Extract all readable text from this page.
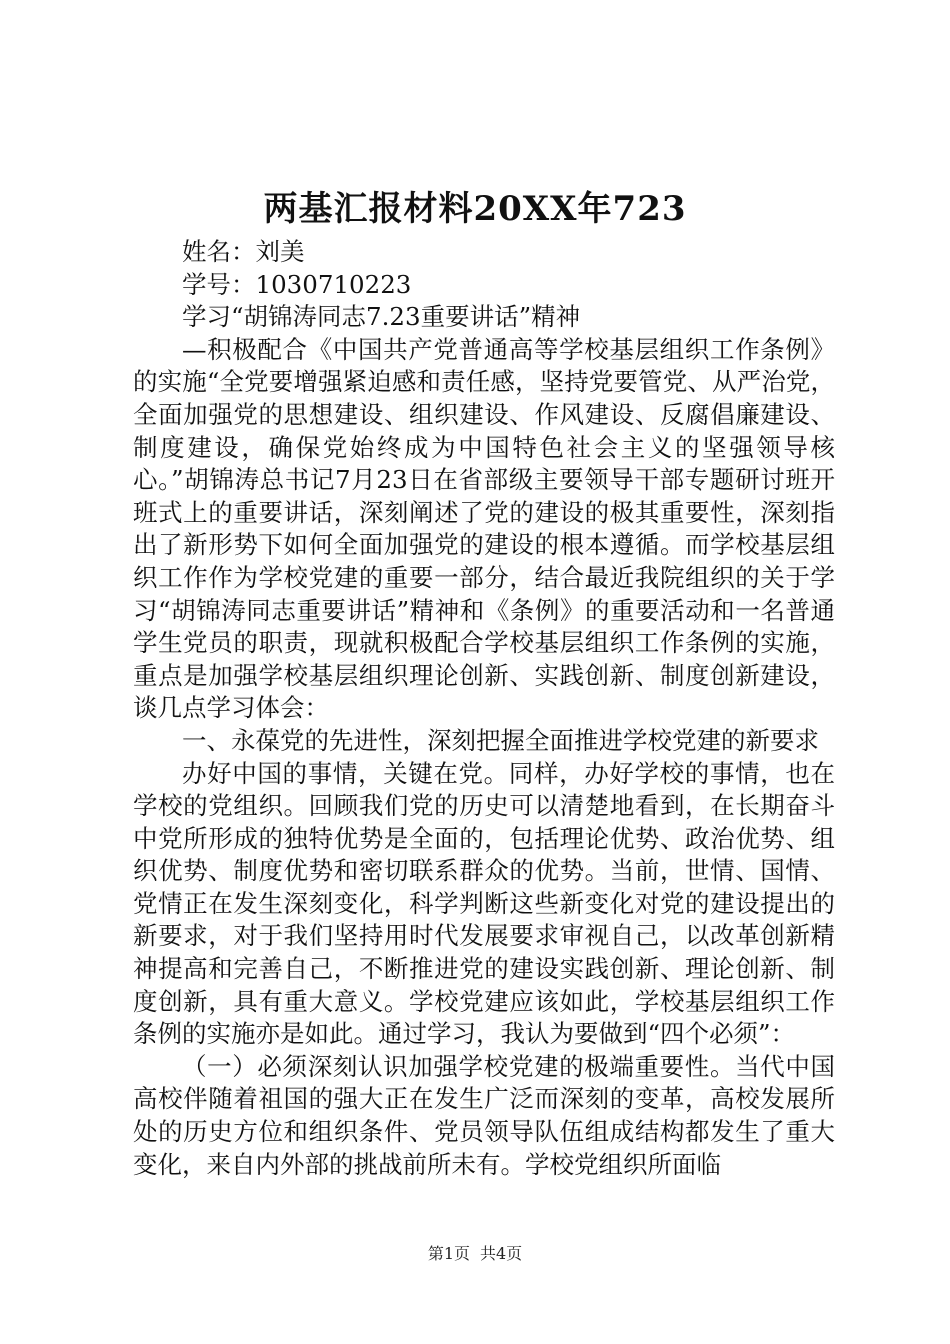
两基汇报材料20XX年723

姓名：刘美

学号：1030710223

学习“胡锦涛同志7.23重要讲话”精神

—积极配合《中国共产党普通高等学校基层组织工作条例》的实施“全党要增强紧迫感和责任感，坚持党要管党、从严治党，全面加强党的思想建设、组织建设、作风建设、反腐倡廉建设、制度建设，确保党始终成为中国特色社会主义的坚强领导核心。”胡锦涛总书记7月23日在省部级主要领导干部专题研讨班开班式上的重要讲话，深刻阐述了党的建设的极其重要性，深刻指出了新形势下如何全面加强党的建设的根本遵循。而学校基层组织工作作为学校党建的重要一部分，结合最近我院组织的关于学习“胡锦涛同志重要讲话”精神和《条例》的重要活动和一名普通学生党员的职责，现就积极配合学校基层组织工作条例的实施，重点是加强学校基层组织理论创新、实践创新、制度创新建设，谈几点学习体会：

一、永葆党的先进性，深刻把握全面推进学校党建的新要求

办好中国的事情，关键在党。同样，办好学校的事情，也在学校的党组织。回顾我们党的历史可以清楚地看到，在长期奋斗中党所形成的独特优势是全面的，包括理论优势、政治优势、组织优势、制度优势和密切联系群众的优势。当前，世情、国情、党情正在发生深刻变化，科学判断这些新变化对党的建设提出的新要求，对于我们坚持用时代发展要求审视自己，以改革创新精神提高和完善自己，不断推进党的建设实践创新、理论创新、制度创新，具有重大意义。学校党建应该如此，学校基层组织工作条例的实施亦是如此。通过学习，我认为要做到“四个必须”：

（一）必须深刻认识加强学校党建的极端重要性。当代中国高校伴随着祖国的强大正在发生广泛而深刻的变革，高校发展所处的历史方位和组织条件、党员领导队伍组成结构都发生了重大变化，来自内外部的挑战前所未有。学校党组织所面临

第1页 共4页
